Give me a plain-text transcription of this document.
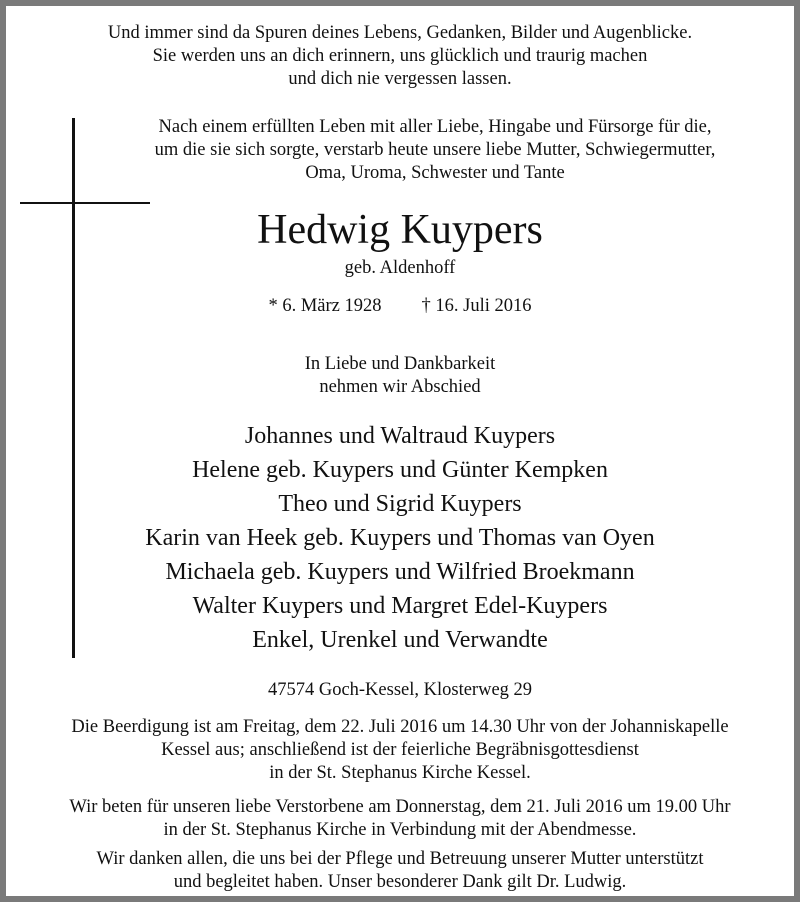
Und immer sind da Spuren deines Lebens, Gedanken, Bilder und Augenblicke.
Sie werden uns an dich erinnern, uns glücklich und traurig machen
und dich nie vergessen lassen.
Nach einem erfüllten Leben mit aller Liebe, Hingabe und Fürsorge für die,
um die sie sich sorgte, verstarb heute unsere liebe Mutter, Schwiegermutter,
Oma, Uroma, Schwester und Tante
Hedwig Kuypers
geb. Aldenhoff
* 6. März 1928 † 16. Juli 2016
In Liebe und Dankbarkeit
nehmen wir Abschied
Johannes und Waltraud Kuypers
Helene geb. Kuypers und Günter Kempken
Theo und Sigrid Kuypers
Karin van Heek geb. Kuypers und Thomas van Oyen
Michaela geb. Kuypers und Wilfried Broekmann
Walter Kuypers und Margret Edel-Kuypers
Enkel, Urenkel und Verwandte
47574 Goch-Kessel, Klosterweg 29
Die Beerdigung ist am Freitag, dem 22. Juli 2016 um 14.30 Uhr von der Johanniskapelle
Kessel aus; anschließend ist der feierliche Begräbnisgottesdienst
in der St. Stephanus Kirche Kessel.
Wir beten für unseren liebe Verstorbene am Donnerstag, dem 21. Juli 2016 um 19.00 Uhr
in der St. Stephanus Kirche in Verbindung mit der Abendmesse.
Wir danken allen, die uns bei der Pflege und Betreuung unserer Mutter unterstützt
und begleitet haben. Unser besonderer Dank gilt Dr. Ludwig.
